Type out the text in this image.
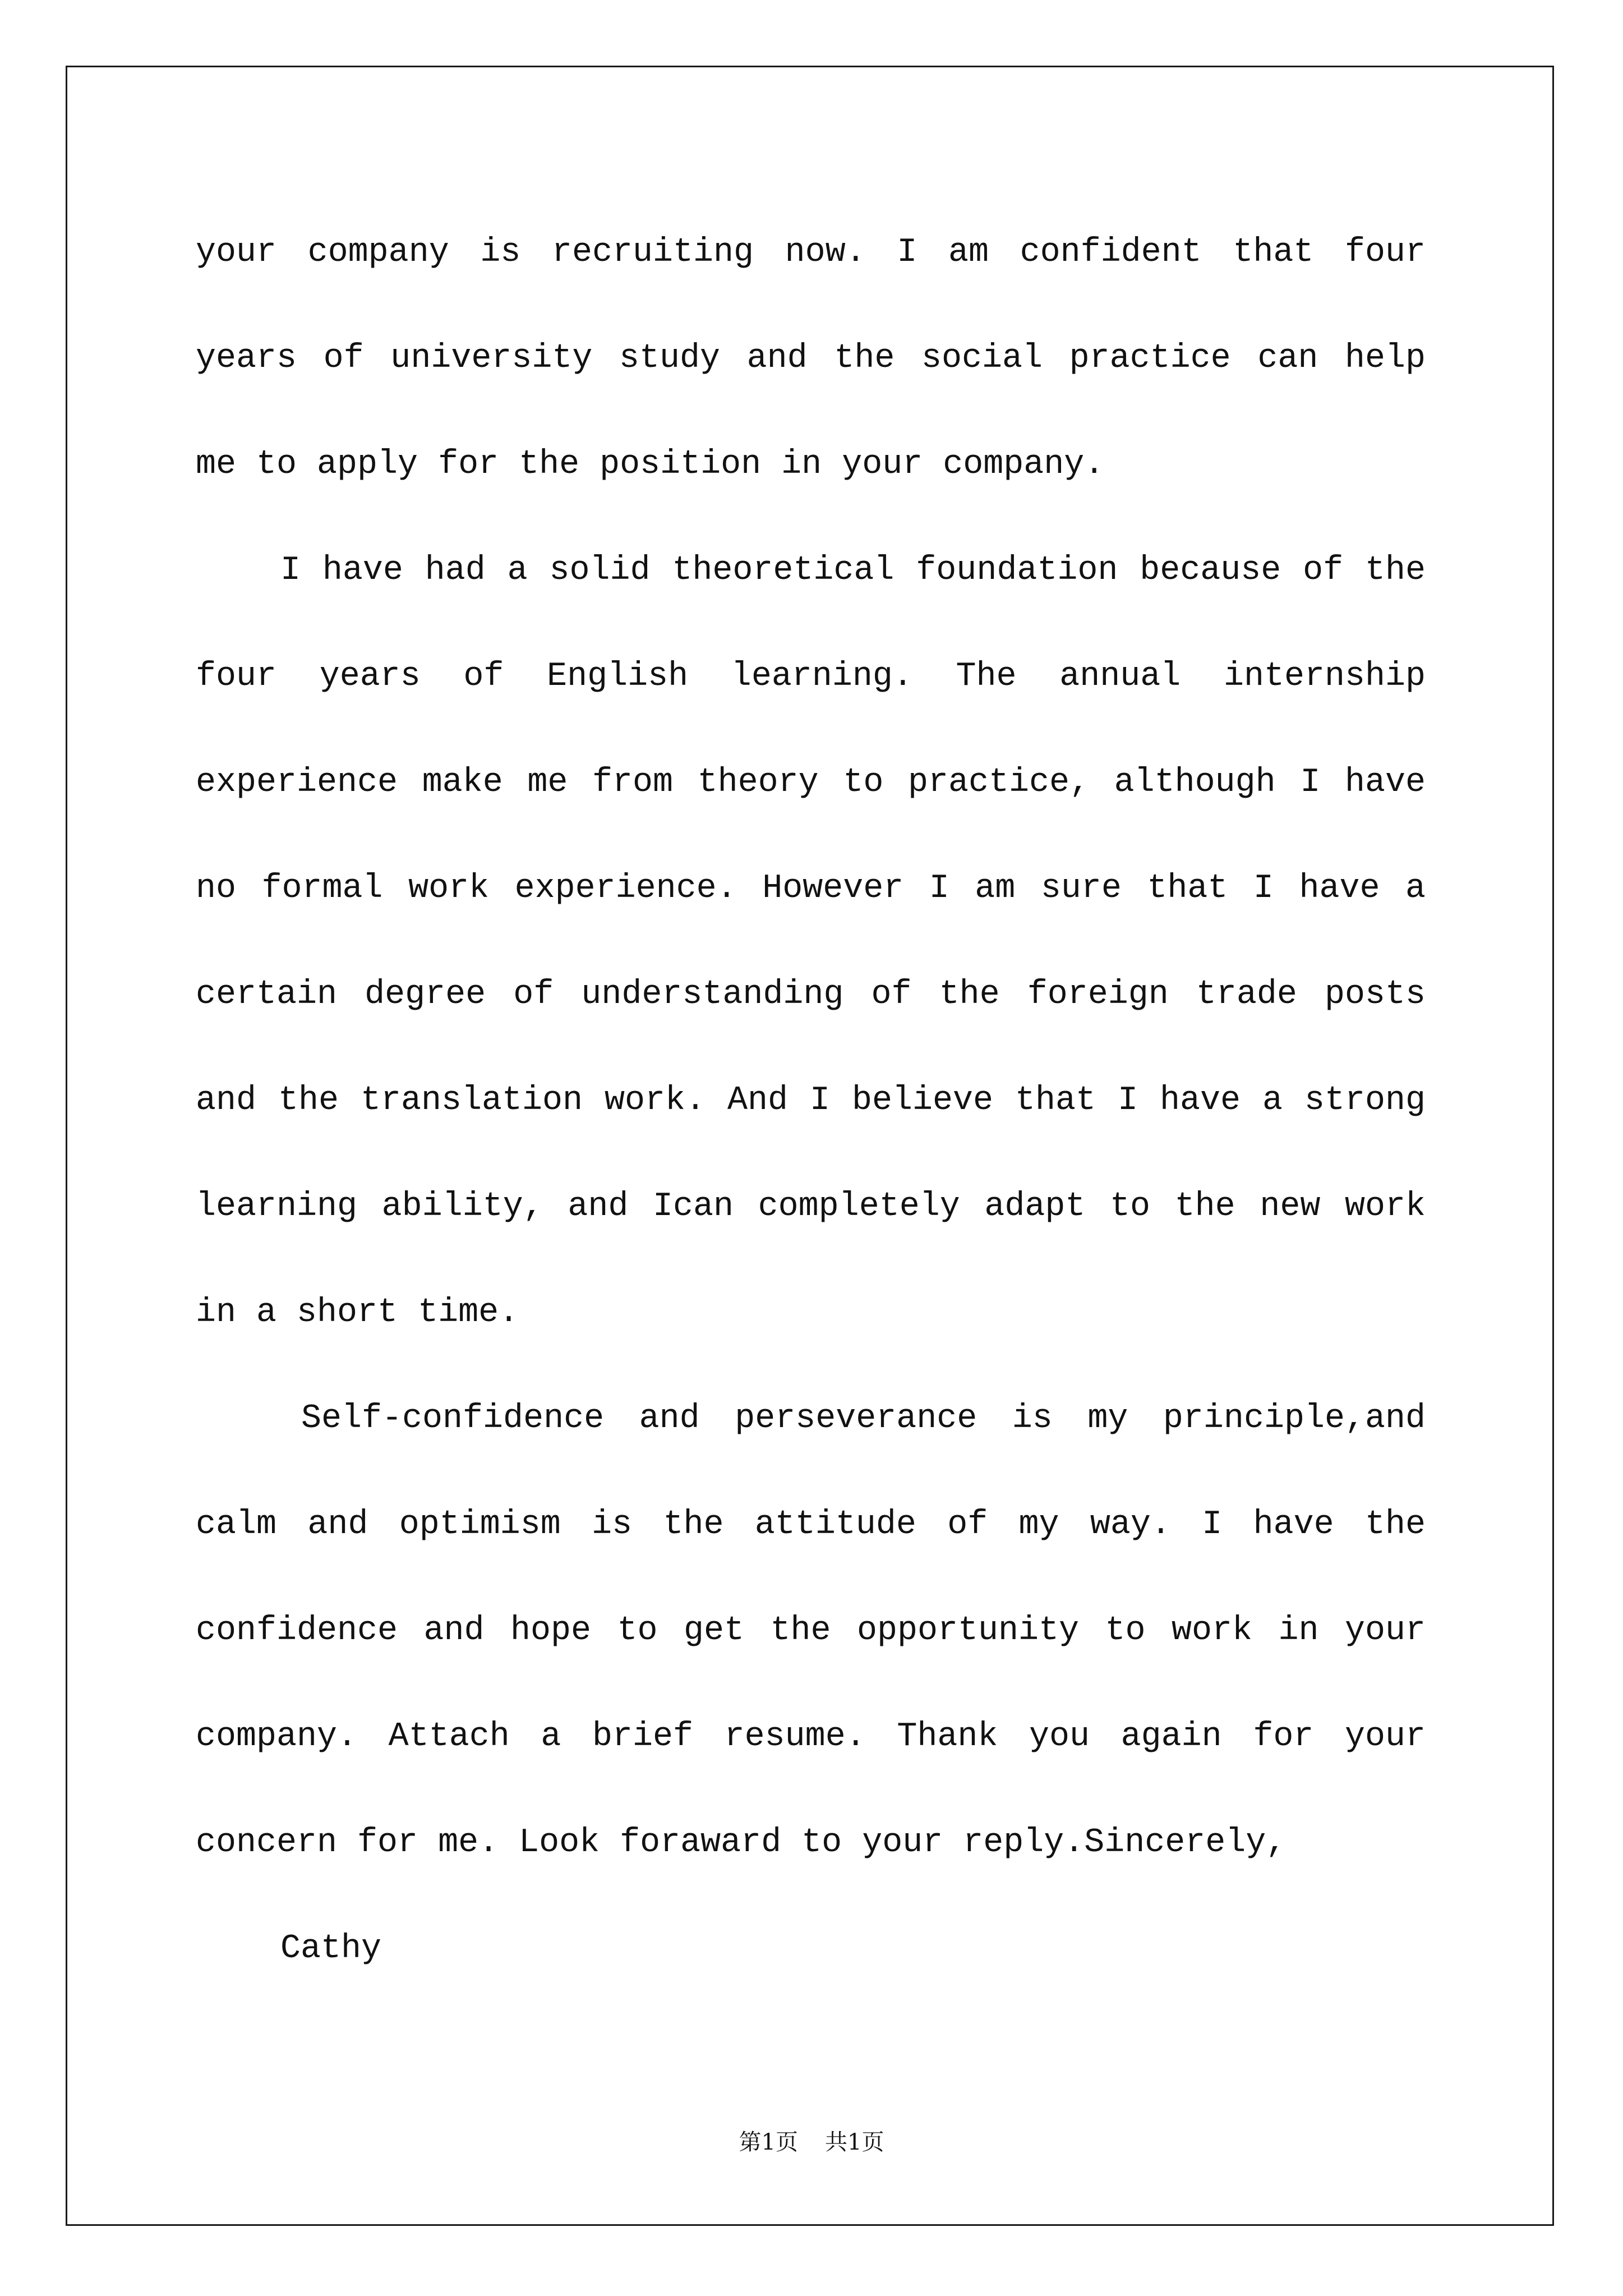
your company is recruiting now. I am confident that four
years of university study and the social practice can help
me to apply for the position in your company.
I have had a solid theoretical foundation because of the
four years of English learning. The annual internship
experience make me from theory to practice, although I have
no formal work experience. However I am sure that I have a
certain degree of understanding of the foreign trade posts
and the translation work. And I believe that I have a strong
learning ability, and Ican completely adapt to the new work
in a short time.
Self-confidence and perseverance is my principle,and
calm and optimism is the attitude of my way. I have the
confidence and hope to get the opportunity to work in your
company. Attach a brief resume. Thank you again for your
concern for me. Look foraward to your reply.Sincerely,
Cathy
第1页 共1页
